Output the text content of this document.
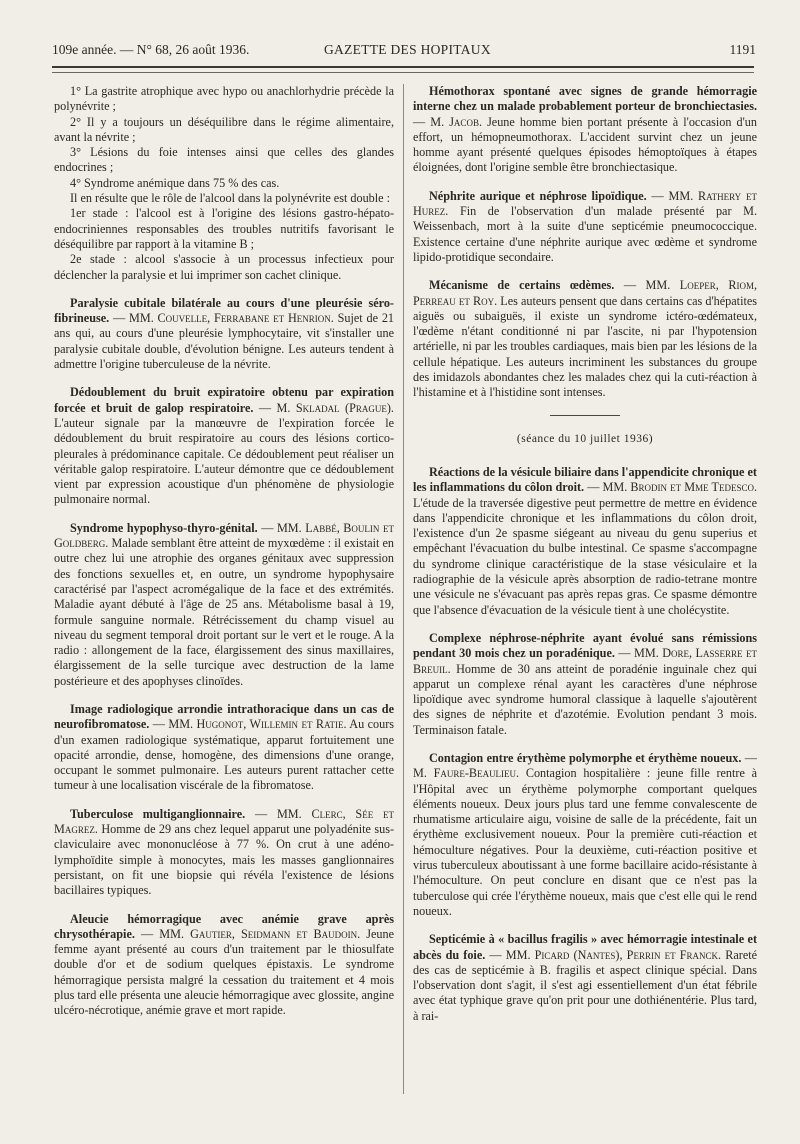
109e année. — N° 68, 26 août 1936.	GAZETTE DES HOPITAUX	1191

1° La gastrite atrophique avec hypo ou anachlorhydrie précède la polynévrite ;

2° Il y a toujours un déséquilibre dans le régime alimentaire, avant la névrite ;

3° Lésions du foie intenses ainsi que celles des glandes endocrines ;

4° Syndrome anémique dans 75 % des cas.

Il en résulte que le rôle de l'alcool dans la polynévrite est double :

1er stade : l'alcool est à l'origine des lésions gastro-hépato-endocriniennes responsables des troubles nutritifs favorisant le déséquilibre par rapport à la vitamine B ;

2e stade : alcool s'associe à un processus infectieux pour déclencher la paralysie et lui imprimer son cachet clinique.

Paralysie cubitale bilatérale au cours d'une pleurésie séro-fibrineuse. — MM. Couvelle, Ferrabane et Henrion. Sujet de 21 ans qui, au cours d'une pleurésie lymphocytaire, vit s'installer une paralysie cubitale double, d'évolution bénigne. Les auteurs tendent à admettre l'origine tuberculeuse de la névrite.

Dédoublement du bruit expiratoire obtenu par expiration forcée et bruit de galop respiratoire. — M. Skladal (Prague). L'auteur signale par la manœuvre de l'expiration forcée le dédoublement du bruit respiratoire au cours des lésions cortico-pleurales à prédominance capitale. Ce dédoublement peut réaliser un véritable galop respiratoire. L'auteur démontre que ce dédoublement vient par expression acoustique d'un phénomène de physiologie pulmonaire normal.

Syndrome hypophyso-thyro-génital. — MM. Labbé, Boulin et Goldberg. Malade semblant être atteint de myxœdème : il existait en outre chez lui une atrophie des organes génitaux avec suppression des fonctions sexuelles et, en outre, un syndrome hypophysaire caractérisé par l'aspect acromégalique de la face et des extrémités. Maladie ayant débuté à l'âge de 25 ans. Métabolisme basal à 19, formule sanguine normale. Rétrécissement du champ visuel au niveau du segment temporal droit portant sur le vert et le rouge. A la radio : allongement de la face, élargissement des sinus maxillaires, élargissement de la selle turcique avec destruction de la lame postérieure et des apophyses clinoïdes.

Image radiologique arrondie intrathoracique dans un cas de neurofibromatose. — MM. Hugonot, Willemin et Ratie. Au cours d'un examen radiologique systématique, apparut fortuitement une opacité arrondie, dense, homogène, des dimensions d'une orange, occupant le sommet pulmonaire. Les auteurs purent rattacher cette tumeur à une localisation viscérale de la fibromatose.

Tuberculose multiganglionnaire. — MM. Clerc, Sée et Magrez. Homme de 29 ans chez lequel apparut une polyadénite sus-claviculaire avec mononucléose à 77 %. On crut à une adéno-lymphoïdite simple à monocytes, mais les masses ganglionnaires persistant, on fit une biopsie qui révéla l'existence de lésions bacillaires typiques.

Aleucie hémorragique avec anémie grave après chrysothérapie. — MM. Gautier, Seidmann et Baudoin. Jeune femme ayant présenté au cours d'un traitement par le thiosulfate double d'or et de sodium quelques épistaxis. Le syndrome hémorragique persista malgré la cessation du traitement et 4 mois plus tard elle présenta une aleucie hémorragique avec glossite, angine ulcéro-nécrotique, anémie grave et mort rapide.

Hémothorax spontané avec signes de grande hémorragie interne chez un malade probablement porteur de bronchiectasies. — M. Jacob. Jeune homme bien portant présente à l'occasion d'un effort, un hémopneumothorax. L'accident survint chez un jeune homme ayant présenté quelques épisodes hémoptoïques à étapes éloignées, dont l'origine semble être bronchiectasique.

Néphrite aurique et néphrose lipoïdique. — MM. Rathery et Hurez. Fin de l'observation d'un malade présenté par M. Weissenbach, mort à la suite d'une septicémie pneumococcique. Existence certaine d'une néphrite aurique avec œdème et syndrome lipido-protidique secondaire.

Mécanisme de certains œdèmes. — MM. Loeper, Riom, Perreau et Roy. Les auteurs pensent que dans certains cas d'hépatites aiguës ou subaiguës, il existe un syndrome ictéro-œdémateux, l'œdème n'étant conditionné ni par l'ascite, ni par l'hypotension artérielle, ni par les troubles cardiaques, mais bien par les lésions de la cellule hépatique. Les auteurs incriminent les substances du groupe des imidazols abondantes chez les malades chez qui la cuti-réaction à l'histamine et à l'histidine sont intenses.

(séance du 10 juillet 1936)

Réactions de la vésicule biliaire dans l'appendicite chronique et les inflammations du côlon droit. — MM. Brodin et Mme Tedesco. L'étude de la traversée digestive peut permettre de mettre en évidence dans l'appendicite chronique et les inflammations du côlon droit, l'existence d'un 2e spasme siégeant au niveau du genu superius et empêchant l'évacuation du bulbe intestinal. Ce spasme s'accompagne du syndrome clinique caractéristique de la stase vésiculaire et la radiographie de la vésicule après absorption de radio-tetrane montre une vésicule ne s'évacuant pas après repas gras. Ce spasme démontre que l'absence d'évacuation de la vésicule tient à une cholécystite.

Complexe néphrose-néphrite ayant évolué sans rémissions pendant 30 mois chez un poradénique. — MM. Dore, Lasserre et Breuil. Homme de 30 ans atteint de poradénie inguinale chez qui apparut un complexe rénal ayant les caractères d'une néphrose lipoïdique avec syndrome humoral classique à laquelle s'ajoutèrent des signes de néphrite et d'azotémie. Evolution pendant 3 mois. Terminaison fatale.

Contagion entre érythème polymorphe et érythème noueux. — M. Faure-Beaulieu. Contagion hospitalière : jeune fille rentre à l'Hôpital avec un érythème polymorphe comportant quelques éléments noueux. Deux jours plus tard une femme convalescente de rhumatisme articulaire aigu, voisine de salle de la précédente, fait un érythème exclusivement noueux. Pour la première cuti-réaction et hémoculture négatives. Pour la deuxième, cuti-réaction positive et virus tuberculeux aboutissant à une forme bacillaire acido-résistante à l'hémoculture. On peut conclure en disant que ce n'est pas la tuberculose qui crée l'érythème noueux, mais que c'est elle qui le rend noueux.

Septicémie à « bacillus fragilis » avec hémorragie intestinale et abcès du foie. — MM. Picard (Nantes), Perrin et Franck. Rareté des cas de septicémie à B. fragilis et aspect clinique spécial. Dans l'observation dont s'agit, il s'est agi essentiellement d'un état fébrile avec état typhique grave qu'on prit pour une dothiénentérie. Plus tard, à rai-
